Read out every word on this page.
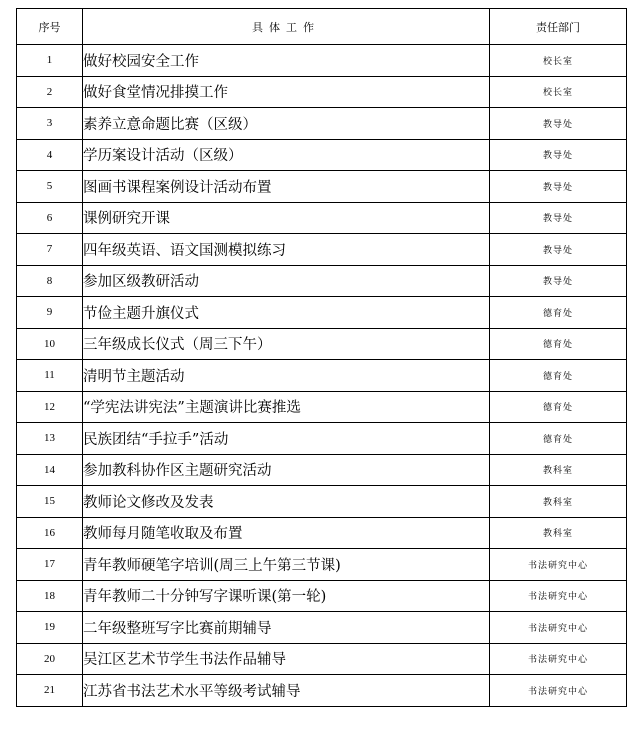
序号	具体工作	责任部门
1	做好校园安全工作	校长室
2	做好食堂情况排摸工作	校长室
3	素养立意命题比赛（区级）	教导处
4	学历案设计活动（区级）	教导处
5	图画书课程案例设计活动布置	教导处
6	课例研究开课	教导处
7	四年级英语、语文国测模拟练习	教导处
8	参加区级教研活动	教导处
9	节俭主题升旗仪式	德育处
10	三年级成长仪式（周三下午）	德育处
11	清明节主题活动	德育处
12	“学宪法讲宪法”主题演讲比赛推选	德育处
13	民族团结“手拉手”活动	德育处
14	参加教科协作区主题研究活动	教科室
15	教师论文修改及发表	教科室
16	教师每月随笔收取及布置	教科室
17	青年教师硬笔字培训(周三上午第三节课)	书法研究中心
18	青年教师二十分钟写字课听课(第一轮)	书法研究中心
19	二年级整班写字比赛前期辅导	书法研究中心
20	吴江区艺术节学生书法作品辅导	书法研究中心
21	江苏省书法艺术水平等级考试辅导	书法研究中心
